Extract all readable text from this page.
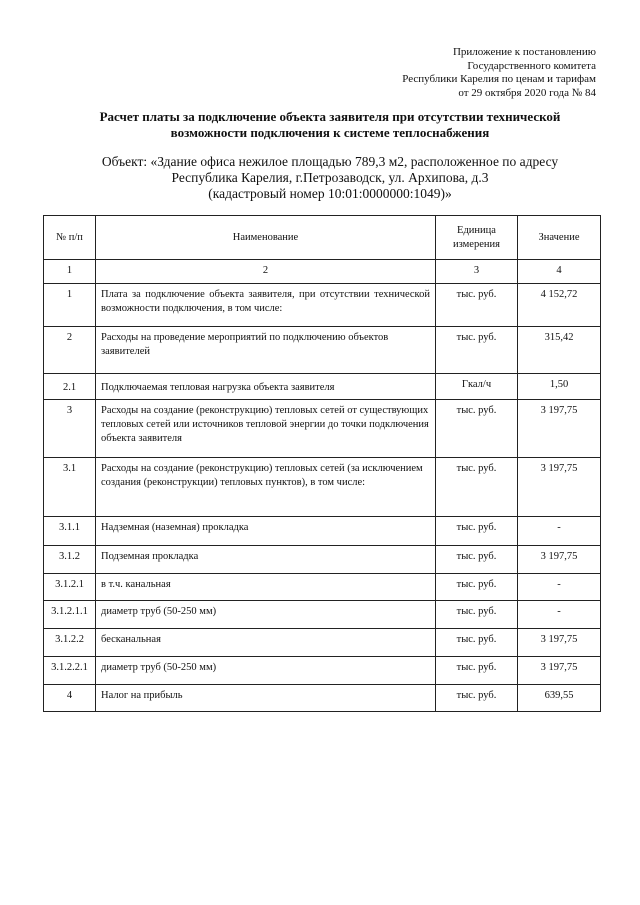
Приложение к постановлению
Государственного комитета
Республики Карелия по ценам и тарифам
от 29 октября 2020 года № 84
Расчет платы за подключение объекта заявителя при отсутствии технической
возможности подключения к системе теплоснабжения
Объект: «Здание офиса нежилое площадью 789,3 м2, расположенное по адресу
Республика Карелия, г.Петрозаводск, ул. Архипова, д.3
(кадастровый номер 10:01:0000000:1049)»
№ п/п	Наименование	Единица измерения	Значение
1	2	3	4
1	Плата за подключение объекта заявителя, при отсутствии технической возможности подключения, в том числе:	тыс. руб.	4 152,72
2	Расходы на проведение мероприятий по подключению объектов заявителей	тыс. руб.	315,42
2.1	Подключаемая тепловая нагрузка объекта заявителя	Гкал/ч	1,50
3	Расходы на создание (реконструкцию) тепловых сетей от существующих тепловых сетей или источников тепловой энергии до точки подключения объекта заявителя	тыс. руб.	3 197,75
3.1	Расходы на создание (реконструкцию) тепловых сетей (за исключением создания (реконструкции) тепловых пунктов), в том числе:	тыс. руб.	3 197,75
3.1.1	Надземная (наземная) прокладка	тыс. руб.	-
3.1.2	Подземная прокладка	тыс. руб.	3 197,75
3.1.2.1	в т.ч. канальная	тыс. руб.	-
3.1.2.1.1	диаметр труб (50-250 мм)	тыс. руб.	-
3.1.2.2	бесканальная	тыс. руб.	3 197,75
3.1.2.2.1	диаметр труб (50-250 мм)	тыс. руб.	3 197,75
4	Налог на прибыль	тыс. руб.	639,55
